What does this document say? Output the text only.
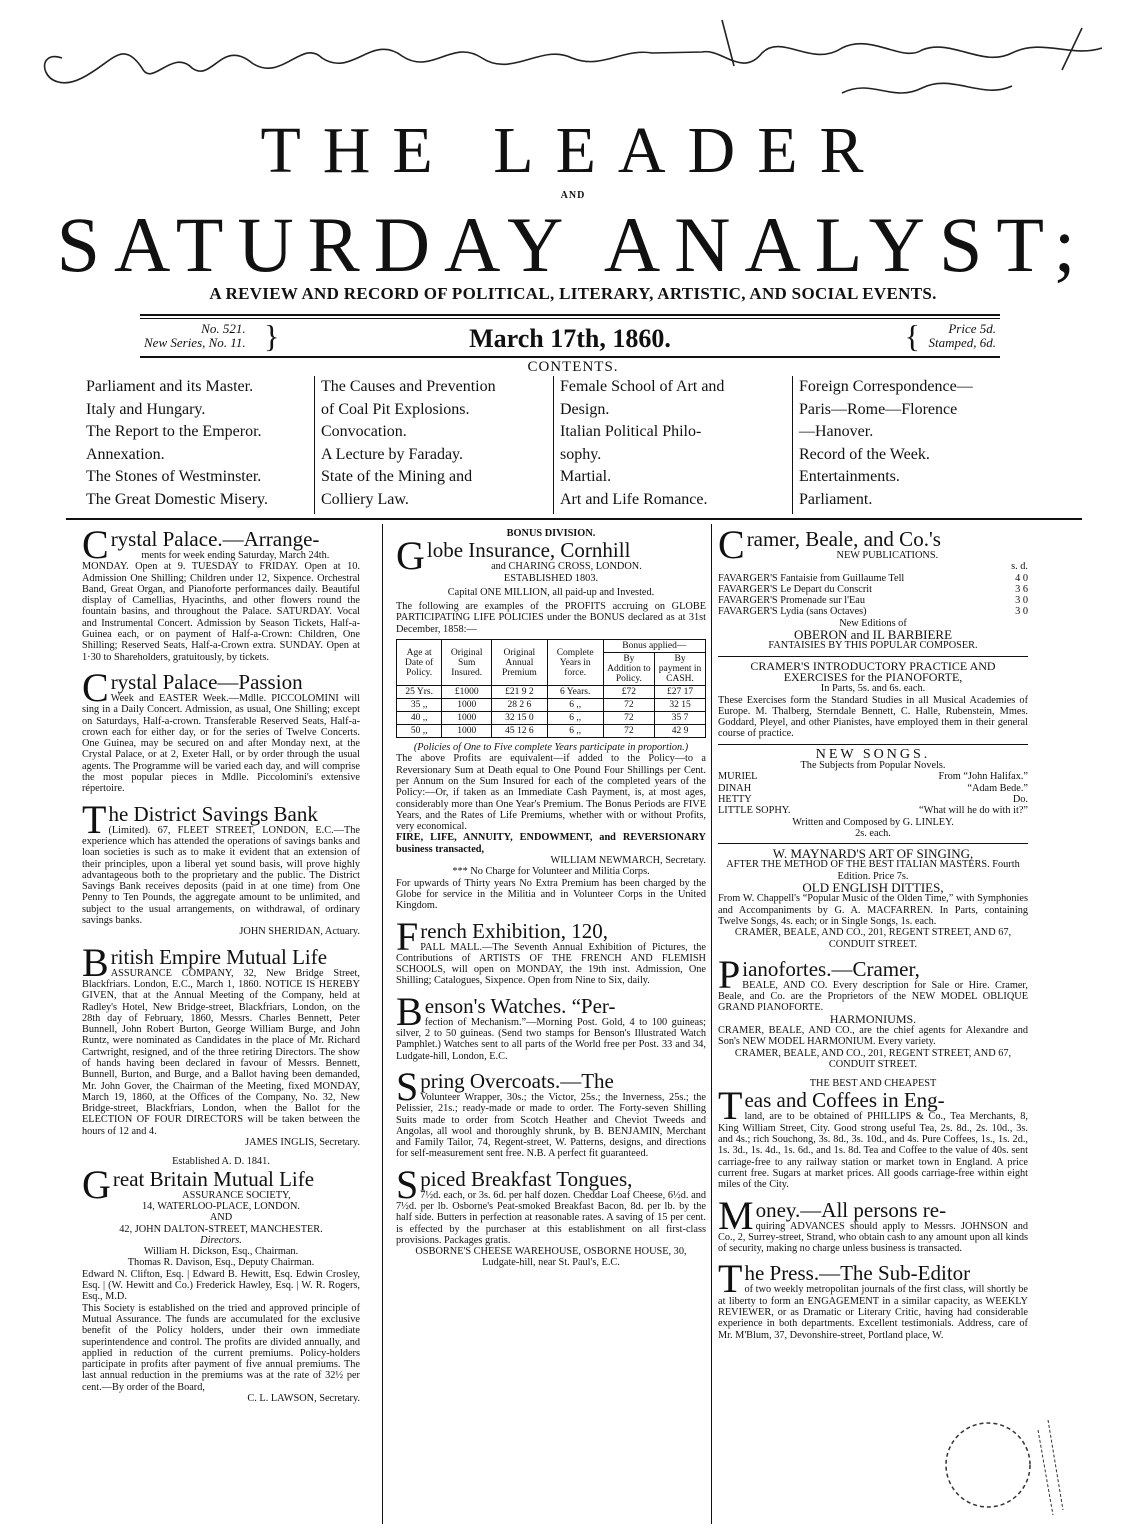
THE LEADER
AND
SATURDAY ANALYST;
A REVIEW AND RECORD OF POLITICAL, LITERARY, ARTISTIC, AND SOCIAL EVENTS.
No. 521.
New Series, No. 11. }	March 17th, 1860.	{	Price 5d.
Stamped, 6d.
CONTENTS.
Parliament and its Master.
Italy and Hungary.
The Report to the Emperor.
Annexation.
The Stones of Westminster.
The Great Domestic Misery.
The Causes and Prevention
of Coal Pit Explosions.
Convocation.
A Lecture by Faraday.
State of the Mining and
Colliery Law.
Female School of Art and
Design.
Italian Political Philo-
sophy.
Martial.
Art and Life Romance.
Foreign Correspondence—
Paris—Rome—Florence
—Hanover.
Record of the Week.
Entertainments.
Parliament.
Crystal Palace.—Arrange-

ments for week ending Saturday, March 24th.

MONDAY. Open at 9. TUESDAY to FRIDAY. Open at 10. Admission One Shilling; Children under 12, Sixpence. Orchestral Band, Great Organ, and Pianoforte performances daily. Beautiful display of Camellias, Hyacinths, and other flowers round the fountain basins, and throughout the Palace. SATURDAY. Vocal and Instrumental Concert. Admission by Season Tickets, Half-a-Guinea each, or on payment of Half-a-Crown: Children, One Shilling; Reserved Seats, Half-a-Crown extra. SUNDAY. Open at 1·30 to Shareholders, gratuitously, by tickets.

Crystal Palace—Passion

Week and EASTER Week.—Mdlle. PICCOLOMINI will sing in a Daily Concert. Admission, as usual, One Shilling; except on Saturdays, Half-a-crown. Transferable Reserved Seats, Half-a-crown each for either day, or for the series of Twelve Concerts. One Guinea, may be secured on and after Monday next, at the Crystal Palace, or at 2, Exeter Hall, or by order through the usual agents. The Programme will be varied each day, and will comprise the most popular pieces in Mdlle. Piccolomini's extensive répertoire.

The District Savings Bank

(Limited). 67, FLEET STREET, LONDON, E.C.—The experience which has attended the operations of savings banks and loan societies is such as to make it evident that an extension of their principles, upon a liberal yet sound basis, will prove highly advantageous both to the proprietary and the public. The District Savings Bank receives deposits (paid in at one time) from One Penny to Ten Pounds, the aggregate amount to be unlimited, and subject to the usual arrangements, on withdrawal, of ordinary savings banks.

JOHN SHERIDAN, Actuary.

British Empire Mutual Life

ASSURANCE COMPANY, 32, New Bridge Street, Blackfriars. London, E.C., March 1, 1860. NOTICE IS HEREBY GIVEN, that at the Annual Meeting of the Company, held at Radley's Hotel, New Bridge-street, Blackfriars, London, on the 28th day of February, 1860, Messrs. Charles Bennett, Peter Bunnell, John Robert Burton, George William Burge, and John Runtz, were nominated as Candidates in the place of Mr. Richard Cartwright, resigned, and of the three retiring Directors. The show of hands having been declared in favour of Messrs. Bennett, Bunnell, Burton, and Burge, and a Ballot having been demanded, Mr. John Gover, the Chairman of the Meeting, fixed MONDAY, March 19, 1860, at the Offices of the Company, No. 32, New Bridge-street, Blackfriars, London, when the Ballot for the ELECTION OF FOUR DIRECTORS will be taken between the hours of 12 and 4.

JAMES INGLIS, Secretary.

Established A. D. 1841.

Great Britain Mutual Life

ASSURANCE SOCIETY,

14, WATERLOO-PLACE, LONDON.

AND

42, JOHN DALTON-STREET, MANCHESTER.

Directors.

William H. Dickson, Esq., Chairman.

Thomas R. Davison, Esq., Deputy Chairman.

Edward N. Clifton, Esq. | Edward B. Hewitt, Esq. Edwin Crosley, Esq. | (W. Hewitt and Co.) Frederick Hawley, Esq. | W. R. Rogers, Esq., M.D.

This Society is established on the tried and approved principle of Mutual Assurance. The funds are accumulated for the exclusive benefit of the Policy holders, under their own immediate superintendence and control. The profits are divided annually, and applied in reduction of the current premiums. Policy-holders participate in profits after payment of five annual premiums. The last annual reduction in the premiums was at the rate of 32½ per cent.—By order of the Board,

C. L. LAWSON, Secretary.

BONUS DIVISION.

Globe Insurance, Cornhill

and CHARING CROSS, LONDON.

ESTABLISHED 1803.

Capital ONE MILLION, all paid-up and Invested.

The following are examples of the PROFITS accruing on GLOBE PARTICIPATING LIFE POLICIES under the BONUS declared as at 31st December, 1858:—

Age at Date of Policy.	Original Sum Insured.	Original Annual Premium	Complete Years in force.	Bonus applied—	
				By Addition to Policy.	By payment in CASH.
25 Yrs.	£1000	£21 9 2	6 Years.	£72	£27 17
35 ,,	1000	28 2 6	6 ,,	72	32 15
40 ,,	1000	32 15 0	6 ,,	72	35 7
50 ,,	1000	45 12 6	6 ,,	72	42 9

(Policies of One to Five complete Years participate in proportion.)

The above Profits are equivalent—if added to the Policy—to a Reversionary Sum at Death equal to One Pound Four Shillings per Cent. per Annum on the Sum Insured for each of the completed years of the Policy:—Or, if taken as an Immediate Cash Payment, is, at most ages, considerably more than One Year's Premium. The Bonus Periods are FIVE Years, and the Rates of Life Premiums, whether with or without Profits, very economical.

FIRE, LIFE, ANNUITY, ENDOWMENT, and REVERSIONARY business transacted,

WILLIAM NEWMARCH, Secretary.

*** No Charge for Volunteer and Militia Corps.

For upwards of Thirty years No Extra Premium has been charged by the Globe for service in the Militia and in Volunteer Corps in the United Kingdom.

French Exhibition, 120,

PALL MALL.—The Seventh Annual Exhibition of Pictures, the Contributions of ARTISTS OF THE FRENCH AND FLEMISH SCHOOLS, will open on MONDAY, the 19th inst. Admission, One Shilling; Catalogues, Sixpence. Open from Nine to Six, daily.

Benson's Watches. “Per-

fection of Mechanism.”—Morning Post. Gold, 4 to 100 guineas; silver, 2 to 50 guineas. (Send two stamps for Benson's Illustrated Watch Pamphlet.) Watches sent to all parts of the World free per Post. 33 and 34, Ludgate-hill, London, E.C.

Spring Overcoats.—The

Volunteer Wrapper, 30s.; the Victor, 25s.; the Inverness, 25s.; the Pelissier, 21s.; ready-made or made to order. The Forty-seven Shilling Suits made to order from Scotch Heather and Cheviot Tweeds and Angolas, all wool and thoroughly shrunk, by B. BENJAMIN, Merchant and Family Tailor, 74, Regent-street, W. Patterns, designs, and directions for self-measurement sent free. N.B. A perfect fit guaranteed.

Spiced Breakfast Tongues,

7½d. each, or 3s. 6d. per half dozen. Cheddar Loaf Cheese, 6½d. and 7½d. per lb. Osborne's Peat-smoked Breakfast Bacon, 8d. per lb. by the half side. Butters in perfection at reasonable rates. A saving of 15 per cent. is effected by the purchaser at this establishment on all first-class provisions. Packages gratis.

OSBORNE'S CHEESE WAREHOUSE, OSBORNE HOUSE, 30, Ludgate-hill, near St. Paul's, E.C.

Cramer, Beale, and Co.'s

NEW PUBLICATIONS.

s. d.

FAVARGER'S Fantaisie from Guillaume Tell	4 0
FAVARGER'S Le Depart du Conscrit	3 6
FAVARGER'S Promenade sur l'Eau	3 0
FAVARGER'S Lydia (sans Octaves)	3 0

New Editions of

OBERON and IL BARBIERE

FANTAISIES BY THIS POPULAR COMPOSER.

CRAMER'S INTRODUCTORY PRACTICE AND EXERCISES for the PIANOFORTE,

In Parts, 5s. and 6s. each.

These Exercises form the Standard Studies in all Musical Academies of Europe. M. Thalberg, Sterndale Bennett, C. Halle, Rubenstein, Mmes. Goddard, Pleyel, and other Pianistes, have employed them in their general course of practice.

NEW SONGS.

The Subjects from Popular Novels.

MURIEL	From “John Halifax.”
DINAH	“Adam Bede.”
HETTY	Do.
LITTLE SOPHY.	“What will he do with it?”

Written and Composed by G. LINLEY.

2s. each.

W. MAYNARD'S ART OF SINGING,

AFTER THE METHOD OF THE BEST ITALIAN MASTERS. Fourth Edition. Price 7s.

OLD ENGLISH DITTIES,

From W. Chappell's “Popular Music of the Olden Time,” with Symphonies and Accompaniments by G. A. MACFARREN. In Parts, containing Twelve Songs, 4s. each; or in Single Songs, 1s. each.

CRAMER, BEALE, AND CO., 201, REGENT STREET, AND 67, CONDUIT STREET.

Pianofortes.—Cramer,

BEALE, AND CO. Every description for Sale or Hire. Cramer, Beale, and Co. are the Proprietors of the NEW MODEL OBLIQUE GRAND PIANOFORTE.

HARMONIUMS.

CRAMER, BEALE, AND CO., are the chief agents for Alexandre and Son's NEW MODEL HARMONIUM. Every variety.

CRAMER, BEALE, AND CO., 201, REGENT STREET, AND 67, CONDUIT STREET.

THE BEST AND CHEAPEST

Teas and Coffees in Eng-

land, are to be obtained of PHILLIPS & Co., Tea Merchants, 8, King William Street, City. Good strong useful Tea, 2s. 8d., 2s. 10d., 3s. and 4s.; rich Souchong, 3s. 8d., 3s. 10d., and 4s. Pure Coffees, 1s., 1s. 2d., 1s. 3d., 1s. 4d., 1s. 6d., and 1s. 8d. Tea and Coffee to the value of 40s. sent carriage-free to any railway station or market town in England. A price current free. Sugars at market prices. All goods carriage-free within eight miles of the City.

Money.—All persons re-

quiring ADVANCES should apply to Messrs. JOHNSON and Co., 2, Surrey-street, Strand, who obtain cash to any amount upon all kinds of security, making no charge unless business is transacted.

The Press.—The Sub-Editor

of two weekly metropolitan journals of the first class, will shortly be at liberty to form an ENGAGEMENT in a similar capacity, as WEEKLY REVIEWER, or as Dramatic or Literary Critic, having had considerable experience in both departments. Excellent testimonials. Address, care of Mr. M'Blum, 37, Devonshire-street, Portland place, W.
